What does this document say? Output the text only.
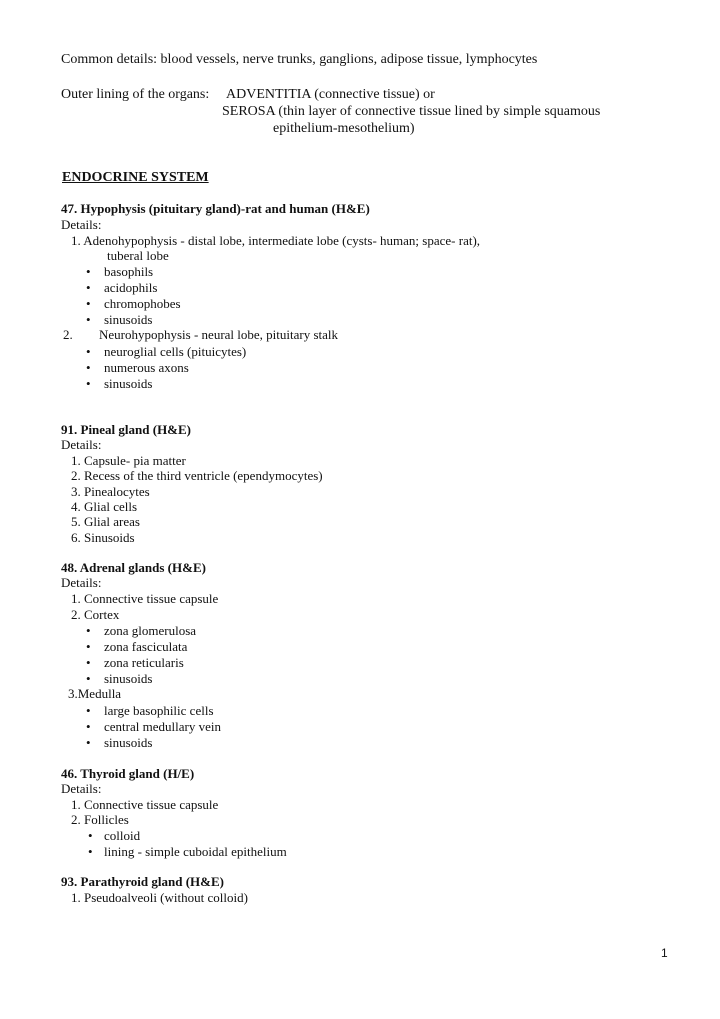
Common details: blood vessels, nerve trunks, ganglions, adipose tissue, lymphocytes
Outer lining of the organs: ADVENTITIA (connective tissue) or
SEROSA (thin layer of connective tissue lined by simple squamous
epithelium-mesothelium)
ENDOCRINE SYSTEM
47. Hypophysis (pituitary gland)-rat and human (H&E)
Details:
1. Adenohypophysis - distal lobe, intermediate lobe (cysts- human; space- rat),
tuberal lobe
• basophils
• acidophils
• chromophobes
• sinusoids
2. Neurohypophysis - neural lobe, pituitary stalk
• neuroglial cells (pituicytes)
• numerous axons
• sinusoids
91. Pineal gland (H&E)
Details:
1. Capsule- pia matter
2. Recess of the third ventricle (ependymocytes)
3. Pinealocytes
4. Glial cells
5. Glial areas
6. Sinusoids
48. Adrenal glands (H&E)
Details:
1. Connective tissue capsule
2. Cortex
• zona glomerulosa
• zona fasciculata
• zona reticularis
• sinusoids
3.Medulla
• large basophilic cells
• central medullary vein
• sinusoids
46. Thyroid gland (H/E)
Details:
1. Connective tissue capsule
2. Follicles
• colloid
• lining - simple cuboidal epithelium
93. Parathyroid gland (H&E)
1. Pseudoalveoli (without colloid)
1
